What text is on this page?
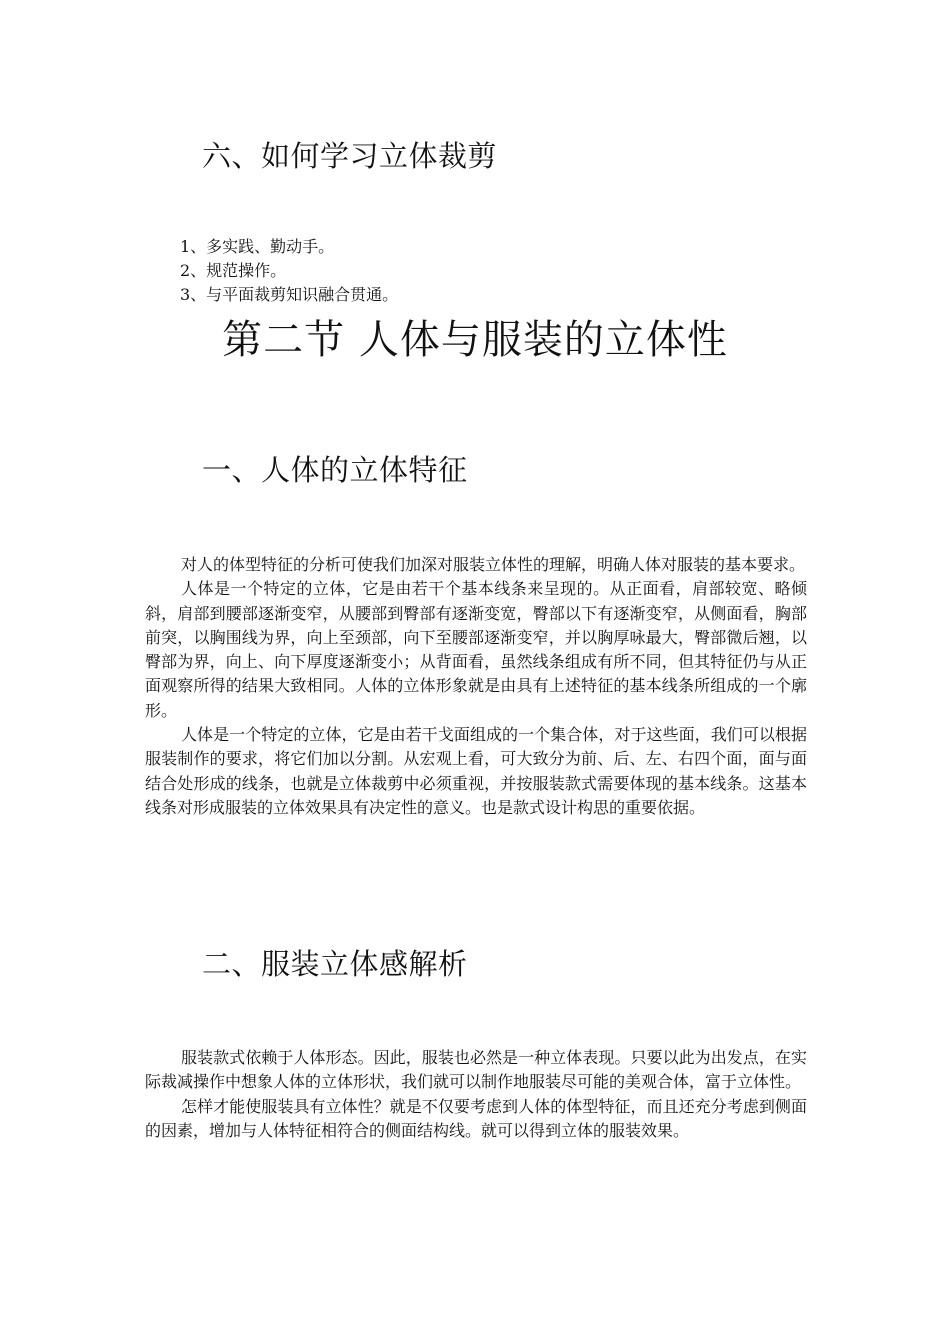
六、如何学习立体裁剪
1、多实践、勤动手。
2、规范操作。
3、与平面裁剪知识融合贯通。
第二节 人体与服装的立体性
一、人体的立体特征

对人的体型特征的分析可使我们加深对服装立体性的理解，明确人体对服装的基本要求。

人体是一个特定的立体，它是由若干个基本线条来呈现的。从正面看，肩部较宽、略倾斜，肩部到腰部逐渐变窄，从腰部到臀部有逐渐变宽，臀部以下有逐渐变窄，从侧面看，胸部前突，以胸围线为界，向上至颈部，向下至腰部逐渐变窄，并以胸厚咏最大，臀部微后翘，以臀部为界，向上、向下厚度逐渐变小；从背面看，虽然线条组成有所不同，但其特征仍与从正面观察所得的结果大致相同。人体的立体形象就是由具有上述特征的基本线条所组成的一个廓形。

人体是一个特定的立体，它是由若干戈面组成的一个集合体，对于这些面，我们可以根据服装制作的要求，将它们加以分割。从宏观上看，可大致分为前、后、左、右四个面，面与面结合处形成的线条，也就是立体裁剪中必须重视，并按服装款式需要体现的基本线条。这基本线条对形成服装的立体效果具有决定性的意义。也是款式设计构思的重要依据。

二、服装立体感解析

服装款式依赖于人体形态。因此，服装也必然是一种立体表现。只要以此为出发点，在实际裁减操作中想象人体的立体形状，我们就可以制作地服装尽可能的美观合体，富于立体性。

怎样才能使服装具有立体性？就是不仅要考虑到人体的体型特征，而且还充分考虑到侧面的因素，增加与人体特征相符合的侧面结构线。就可以得到立体的服装效果。
